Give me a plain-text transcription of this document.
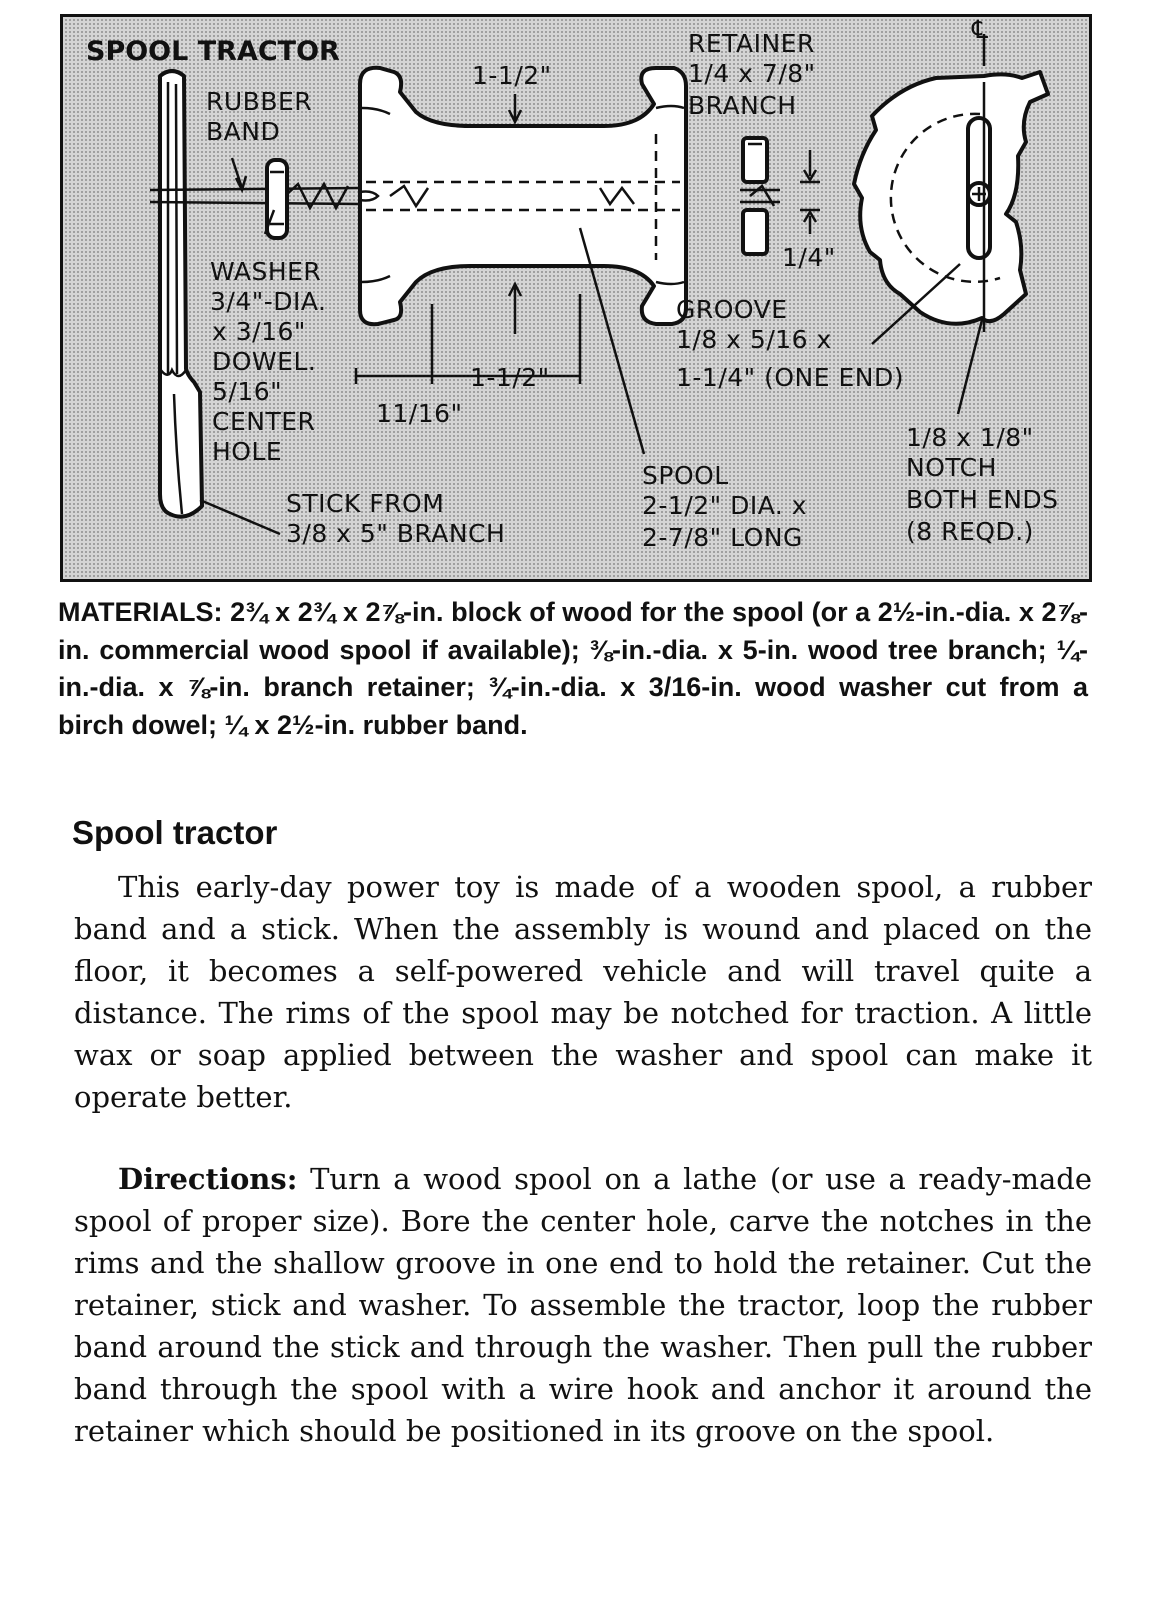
SPOOL TRACTOR
RUBBER
BAND
WASHER
3/4"-DIA.
x 3/16"
DOWEL.
5/16"
CENTER
HOLE
STICK FROM
3/8 x 5" BRANCH
1-1/2"
RETAINER
1/4 x 7/8"
BRANCH
℄
1/4"
GROOVE
1/8 x 5/16 x
1-1/4" (ONE END)
1-1/2"
11/16"
SPOOL
2-1/2" DIA. x
2-7/8" LONG
1/8 x 1/8"
NOTCH
BOTH ENDS
(8 REQD.)

MATERIALS: 2¾ x 2¾ x 2⅞-in. block of wood for the spool (or a 2½-in.-dia. x 2⅞-in. commercial wood spool if available); ⅜-in.-dia. x 5-in. wood tree branch; ¼-in.-dia. x ⅞-in. branch retainer; ¾-in.-dia. x 3/16-in. wood washer cut from a birch dowel; ¼ x 2½-in. rubber band.

Spool tractor

This early-day power toy is made of a wooden spool, a rubber band and a stick. When the assembly is wound and placed on the floor, it becomes a self-powered vehicle and will travel quite a distance. The rims of the spool may be notched for traction. A little wax or soap applied between the washer and spool can make it operate better.

Directions: Turn a wood spool on a lathe (or use a ready-made spool of proper size). Bore the center hole, carve the notches in the rims and the shallow groove in one end to hold the retainer. Cut the retainer, stick and washer. To assemble the tractor, loop the rubber band around the stick and through the washer. Then pull the rubber band through the spool with a wire hook and anchor it around the retainer which should be positioned in its groove on the spool.
